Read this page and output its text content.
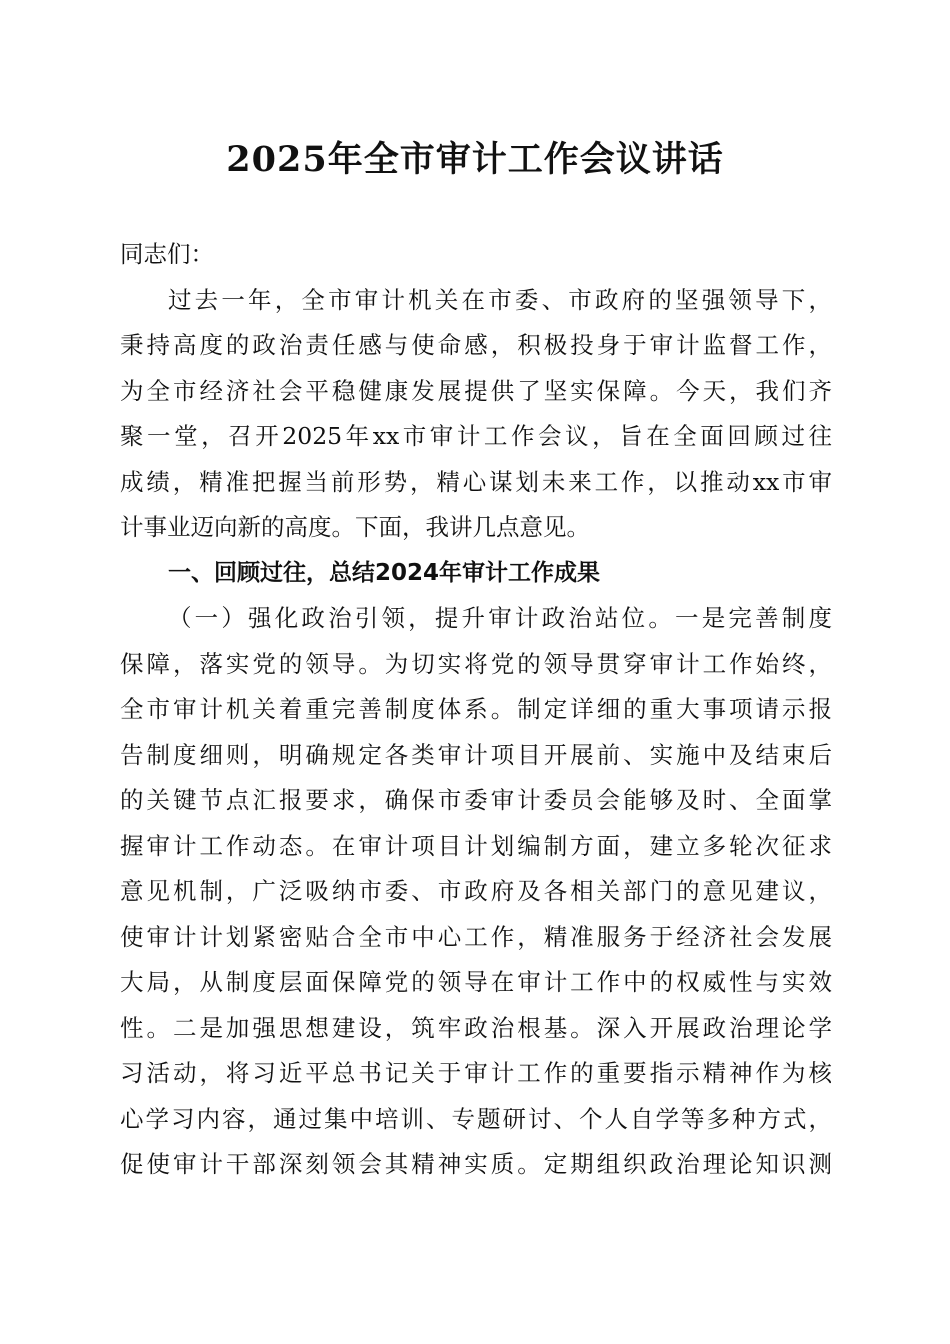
2025年全市审计工作会议讲话
同志们：
过去一年，全市审计机关在市委、市政府的坚强领导下，
秉持高度的政治责任感与使命感，积极投身于审计监督工作，
为全市经济社会平稳健康发展提供了坚实保障。今天，我们齐
聚一堂，召开2025年xx市审计工作会议，旨在全面回顾过往
成绩，精准把握当前形势，精心谋划未来工作，以推动xx市审
计事业迈向新的高度。下面，我讲几点意见。
一、回顾过往，总结2024年审计工作成果
（一）强化政治引领，提升审计政治站位。一是完善制度
保障，落实党的领导。为切实将党的领导贯穿审计工作始终，
全市审计机关着重完善制度体系。制定详细的重大事项请示报
告制度细则，明确规定各类审计项目开展前、实施中及结束后
的关键节点汇报要求，确保市委审计委员会能够及时、全面掌
握审计工作动态。在审计项目计划编制方面，建立多轮次征求
意见机制，广泛吸纳市委、市政府及各相关部门的意见建议，
使审计计划紧密贴合全市中心工作，精准服务于经济社会发展
大局，从制度层面保障党的领导在审计工作中的权威性与实效
性。二是加强思想建设，筑牢政治根基。深入开展政治理论学
习活动，将习近平总书记关于审计工作的重要指示精神作为核
心学习内容，通过集中培训、专题研讨、个人自学等多种方式，
促使审计干部深刻领会其精神实质。定期组织政治理论知识测
